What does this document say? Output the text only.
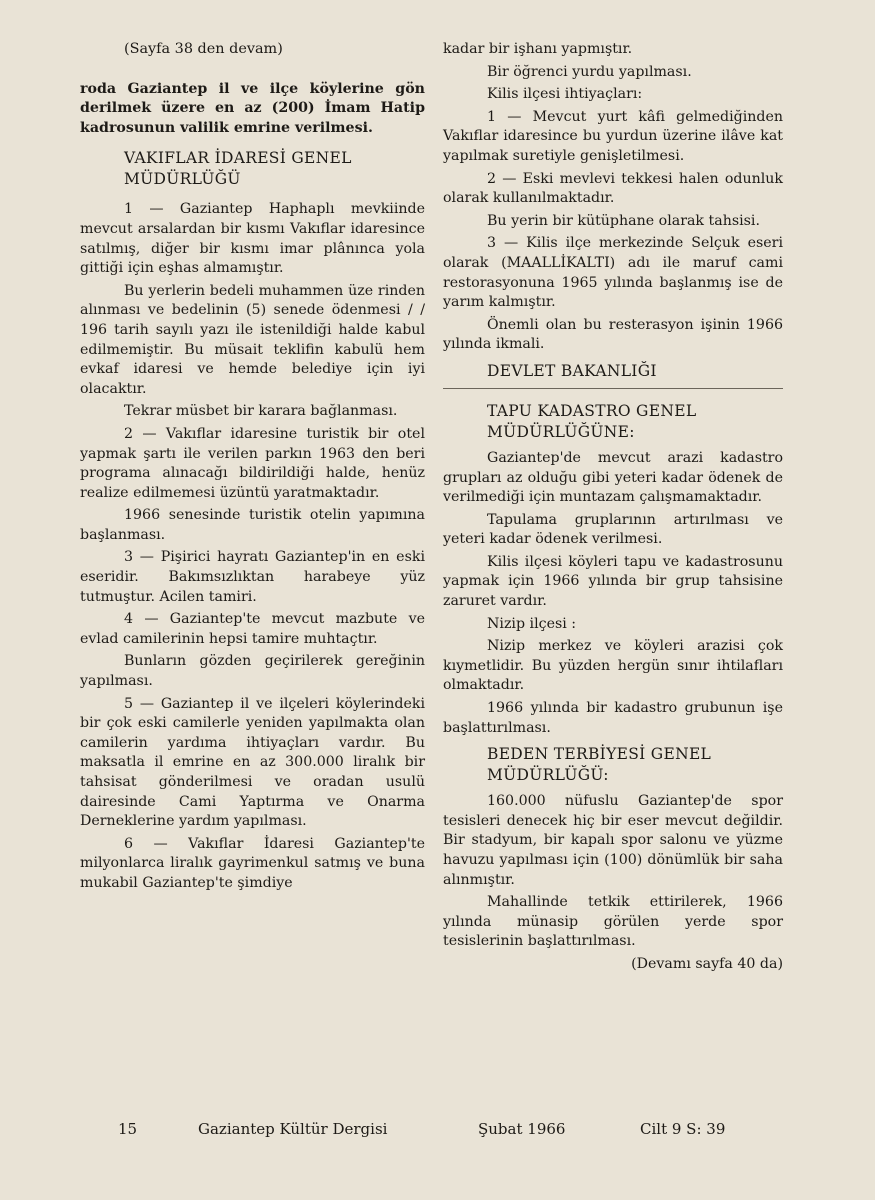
(Sayfa 38 den devam)

roda Gaziantep il ve ilçe köylerine gön derilmek üzere en az (200) İmam Hatip kadrosunun valilik emrine verilmesi.

VAKIFLAR İDARESİ GENEL MÜDÜRLÜĞÜ

1 — Gaziantep Haphaplı mevkiinde mevcut arsalardan bir kısmı Vakıflar idaresince satılmış, diğer bir kısmı imar plânınca yola gittiği için eşhas almamıştır.

Bu yerlerin bedeli muhammen üze rinden alınması ve bedelinin (5) senede ödenmesi / / 196 tarih sayılı yazı ile istenildiği halde kabul edilmemiştir. Bu müsait teklifin kabulü hem evkaf idaresi ve hemde belediye için iyi olacaktır.

Tekrar müsbet bir karara bağlanması.

2 — Vakıflar idaresine turistik bir otel yapmak şartı ile verilen parkın 1963 den beri programa alınacağı bildirildiği halde, henüz realize edilmemesi üzüntü yaratmaktadır.

1966 senesinde turistik otelin yapımına başlanması.

3 — Pişirici hayratı Gaziantep'in en eski eseridir. Bakımsızlıktan harabeye yüz tutmuştur. Acilen tamiri.

4 — Gaziantep'te mevcut mazbute ve evlad camilerinin hepsi tamire muhtaçtır.

Bunların gözden geçirilerek gereğinin yapılması.

5 — Gaziantep il ve ilçeleri köylerindeki bir çok eski camilerle yeniden yapılmakta olan camilerin yardıma ihtiyaçları vardır. Bu maksatla il emrine en az 300.000 liralık bir tahsisat gönderilmesi ve oradan usulü dairesinde Cami Yaptırma ve Onarma Derneklerine yardım yapılması.

6 — Vakıflar İdaresi Gaziantep'te milyonlarca liralık gayrimenkul satmış ve buna mukabil Gaziantep'te şimdiye

kadar bir işhanı yapmıştır.

Bir öğrenci yurdu yapılması.

Kilis ilçesi ihtiyaçları:

1 — Mevcut yurt kâfi gelmediğinden Vakıflar idaresince bu yurdun üzerine ilâve kat yapılmak suretiyle genişletilmesi.

2 — Eski mevlevi tekkesi halen odunluk olarak kullanılmaktadır.

Bu yerin bir kütüphane olarak tahsisi.

3 — Kilis ilçe merkezinde Selçuk eseri olarak (MAALLİKALTI) adı ile maruf cami restorasyonuna 1965 yılında başlanmış ise de yarım kalmıştır.

Önemli olan bu resterasyon işinin 1966 yılında ikmali.

DEVLET BAKANLIĞI
TAPU KADASTRO GENEL MÜDÜRLÜĞÜNE:

Gaziantep'de mevcut arazi kadastro grupları az olduğu gibi yeteri kadar ödenek de verilmediği için muntazam çalışmamaktadır.

Tapulama gruplarının artırılması ve yeteri kadar ödenek verilmesi.

Kilis ilçesi köyleri tapu ve kadastrosunu yapmak için 1966 yılında bir grup tahsisine zaruret vardır.

Nizip ilçesi :

Nizip merkez ve köyleri arazisi çok kıymetlidir. Bu yüzden hergün sınır ihtilafları olmaktadır.

1966 yılında bir kadastro grubunun işe başlattırılması.

BEDEN TERBİYESİ GENEL MÜDÜRLÜĞÜ:

160.000 nüfuslu Gaziantep'de spor tesisleri denecek hiç bir eser mevcut değildir. Bir stadyum, bir kapalı spor salonu ve yüzme havuzu yapılması için (100) dönümlük bir saha alınmıştır.

Mahallinde tetkik ettirilerek, 1966 yılında münasip görülen yerde spor tesislerinin başlattırılması.

(Devamı sayfa 40 da)

15	Gaziantep Kültür Dergisi	Şubat 1966	Cilt 9 S: 39
